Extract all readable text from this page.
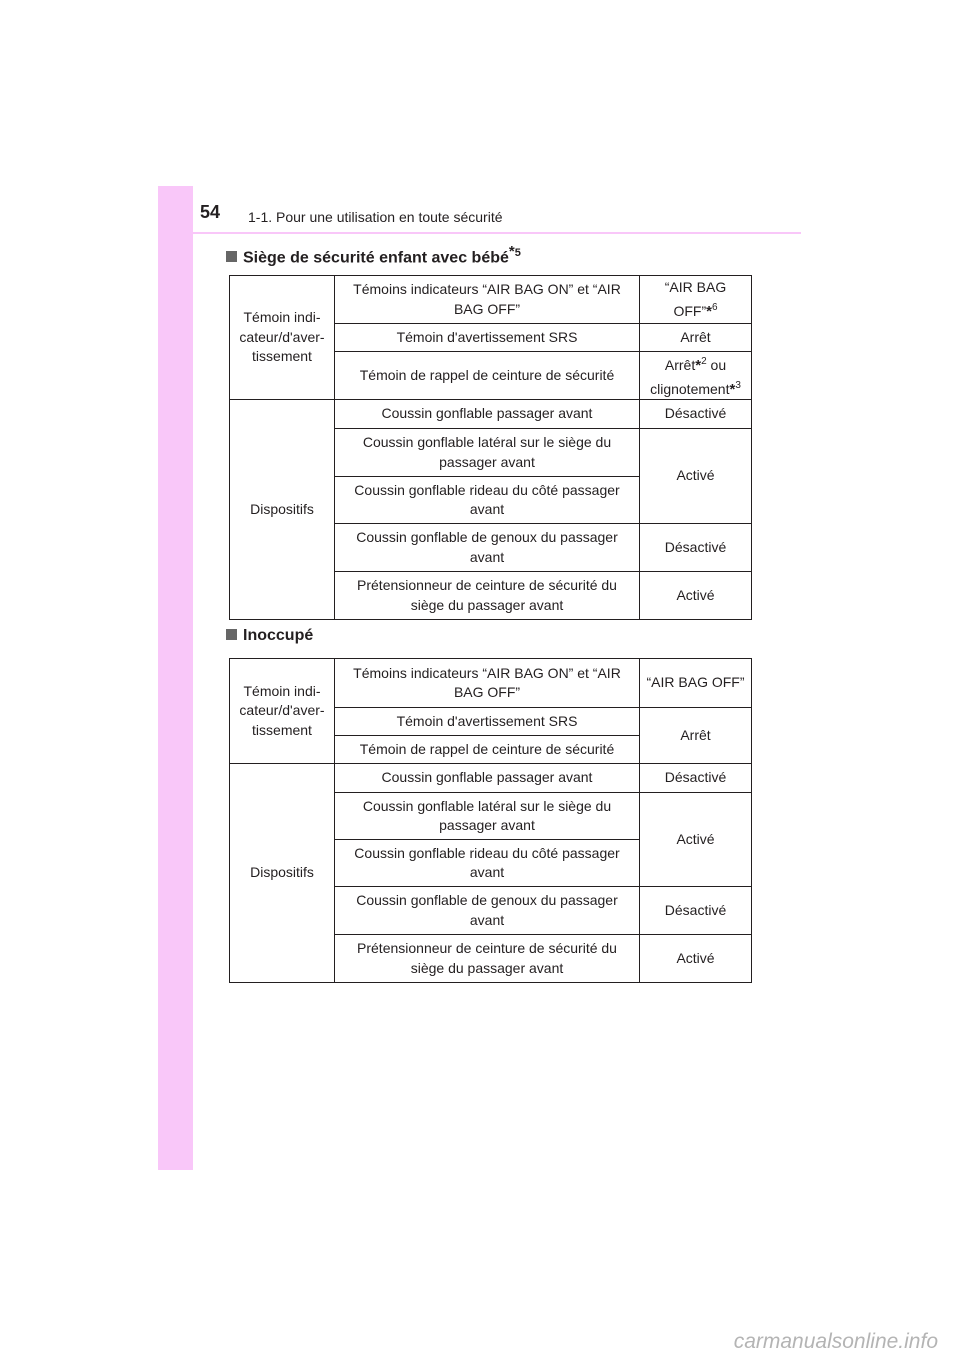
54 1-1. Pour une utilisation en toute sécurité
Siège de sécurité enfant avec bébé$^{*5}$
Témoin indi-cateur/d'aver-tissement	Témoins indicateurs “AIR BAG ON” et “AIR BAG OFF”	“AIR BAG OFF”*$^6$
	Témoin d'avertissement SRS	Arrêt
	Témoin de rappel de ceinture de sécurité	Arrêt*$^2$ ou clignotement*$^3$
Dispositifs	Coussin gonflable passager avant	Désactivé
	Coussin gonflable latéral sur le siège du passager avant	Activé
	Coussin gonflable rideau du côté passager avant	
	Coussin gonflable de genoux du passager avant	Désactivé
	Prétensionneur de ceinture de sécurité du siège du passager avant	Activé
Inoccupé
Témoin indi-cateur/d'aver-tissement	Témoins indicateurs “AIR BAG ON” et “AIR BAG OFF”	“AIR BAG OFF”
	Témoin d'avertissement SRS	Arrêt
	Témoin de rappel de ceinture de sécurité	
Dispositifs	Coussin gonflable passager avant	Désactivé
	Coussin gonflable latéral sur le siège du passager avant	Activé
	Coussin gonflable rideau du côté passager avant	
	Coussin gonflable de genoux du passager avant	Désactivé
	Prétensionneur de ceinture de sécurité du siège du passager avant	Activé
carmanualsonline.info
